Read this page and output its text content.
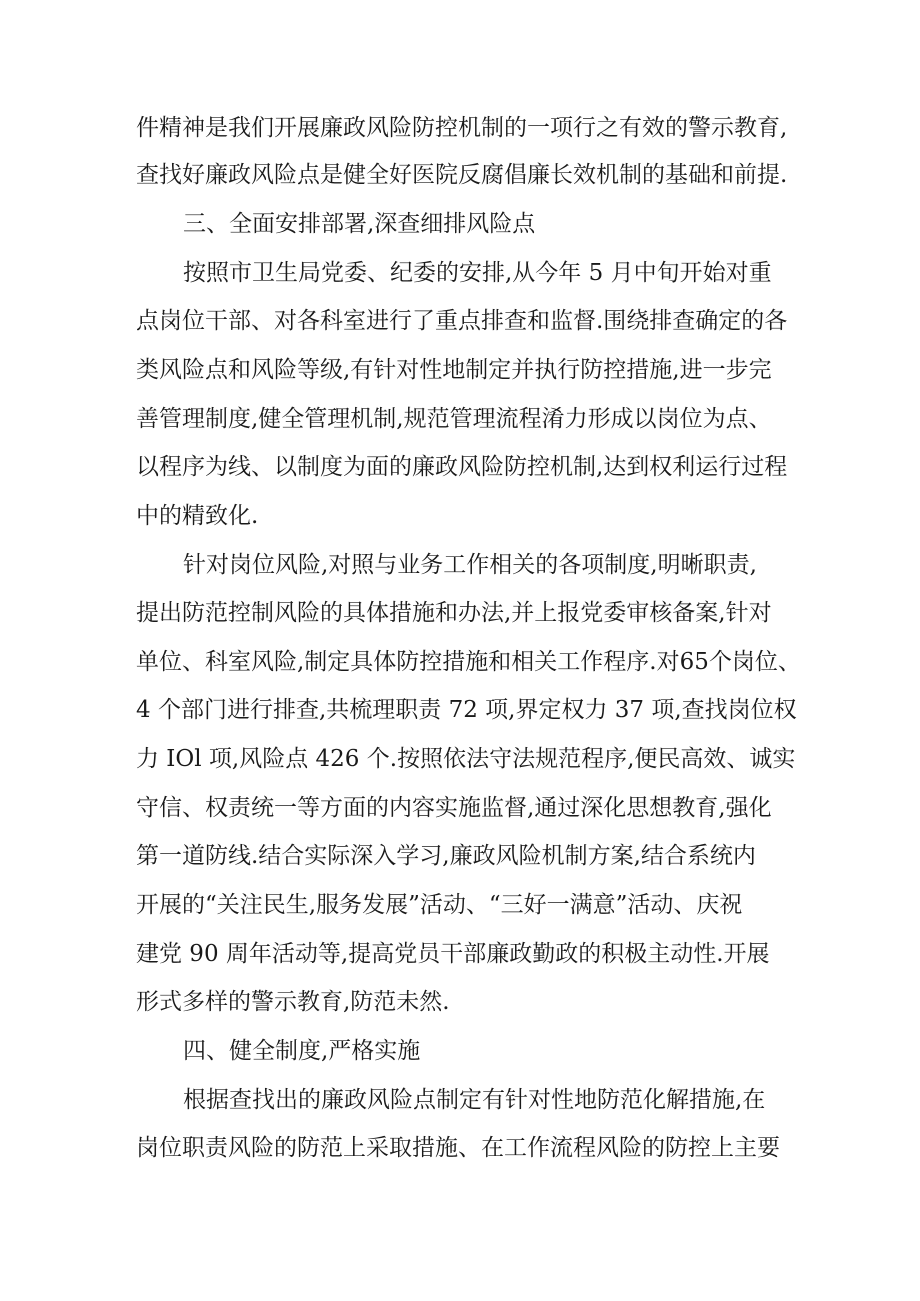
件精神是我们开展廉政风险防控机制的一项行之有效的警示教育,
查找好廉政风险点是健全好医院反腐倡廉长效机制的基础和前提.
三、全面安排部署,深查细排风险点
按照市卫生局党委、纪委的安排,从今年 5 月中旬开始对重
点岗位干部、对各科室进行了重点排查和监督.围绕排查确定的各
类风险点和风险等级,有针对性地制定并执行防控措施,进一步完
善管理制度,健全管理机制,规范管理流程淆力形成以岗位为点、
以程序为线、以制度为面的廉政风险防控机制,达到权利运行过程
中的精致化.
针对岗位风险,对照与业务工作相关的各项制度,明晰职责,
提出防范控制风险的具体措施和办法,并上报党委审核备案,针对
单位、科室风险,制定具体防控措施和相关工作程序.对65个岗位、
4 个部门进行排查,共梳理职责 72 项,界定权力 37 项,查找岗位权
力 IOl 项,风险点 426 个.按照依法守法规范程序,便民高效、诚实
守信、权责统一等方面的内容实施监督,通过深化思想教育,强化
第一道防线.结合实际深入学习,廉政风险机制方案,结合系统内
开展的“关注民生,服务发展”活动、“三好一满意”活动、庆祝
建党 90 周年活动等,提高党员干部廉政勤政的积极主动性.开展
形式多样的警示教育,防范未然.
四、健全制度,严格实施
根据查找出的廉政风险点制定有针对性地防范化解措施,在
岗位职责风险的防范上采取措施、在工作流程风险的防控上主要
